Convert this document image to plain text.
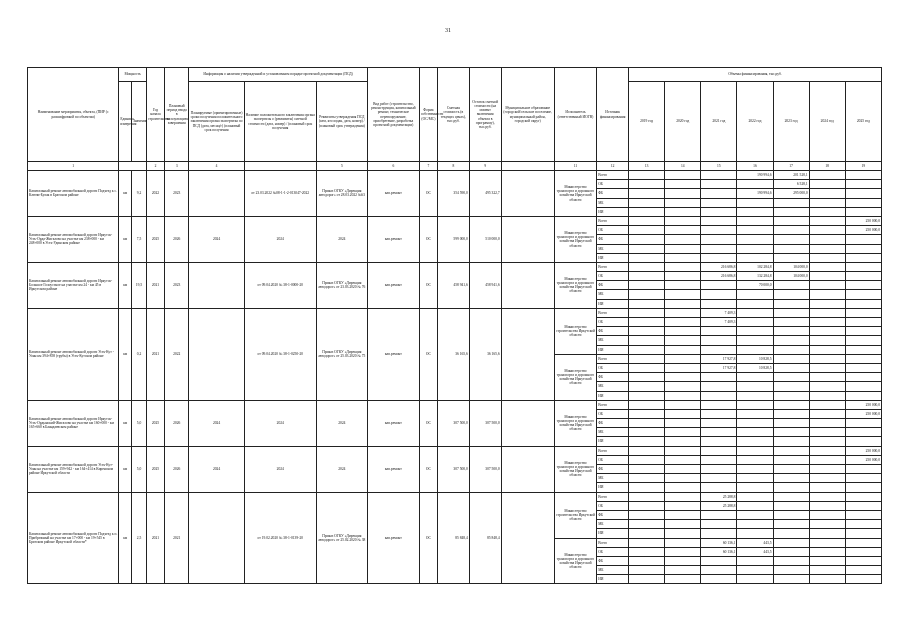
31
Наименование мероприятия, объекта, (ПИР (с расшифровкой по объектам)	Мощность		Год начала строительства	Плановый период ввода в эксплуатацию/ завершения	Информация о наличии утвержденной и установленном порядке проектной документации (ПСД)			Вид работ (строительство, реконструкция, капитальный ремонт, техническое перевооружение, приобретение, разработка проектной документации)	Форма собственности (ОС/МС)	Сметная стоимость (в текущих ценах), тыс.руб.	Остаток сметной стоимости (на момент включения объекта в программу), тыс.руб.	Муниципальное образование (городской/сельское поселение, муниципальный район, городской округ)	Исполнитель (ответственный ИОГВ)	Источник финансирования	Объемы финансирования, тыс.руб.						
	Единица измерения	Значение			Планируемые (ориентировочные) сроки получения положительного заключения органа экспертизы по ПСД (дата, месяц/г) (плановый срок получения	Наличие положительного заключения органа экспертизы о (реквизиты) сметной стоимости (дата, номер) / (плановый срок получения	Реквизиты утверждения ПСД (кем, кто издан, дата, номер) / (плановый срок утверждения)								2019 год	2020 год	2021 год	2022 год	2023 год	2024 год	2025 год
1			2	3	4		5	6	7	8	9		11	12	13	14	15	16	17	18	19
Капитальный ремонт автомобильной дороги Подъезд к с. Ключи-Булак в Братском районе	км	9,2	2022	2023		от 23.03.2022 №08-1-1-2-013047-2022	Приказ ОГКУ «Дирекция автодорог» от 28.03.2022 №63	кап.ремонт	ОС	354 590,0	495 322,7		Министерство транспорта и дорожного хозяйства Иркутской области	Всего				190 994,6	201 528,1		
														ОБ					6 528,1		
														ФБ				190 994,6	295 000,0		
														МБ							
														ИИ							
Капитальный ремонт автомобильной дороги Иркутск-Усть-Орда-Жигалово на участке км 238+000 - км 248+000 в Усть-Удинском районе	км	7,5	2025	2026	2024	2024	2024	кап.ремонт	ОС	599 000,0	510 000,0		Министерство транспорта и дорожного хозяйства Иркутской области	Всего							250 000,0
														ОБ							250 000,0
														ФБ							
														МБ							
														ИИ							
Капитальный ремонт автомобильной дороги Иркутск-Большое Голоустное на участке км 24 - км 45 в Иркутском районе	км	19,5	2021	2023		от 09.04.2020 № 38-1-0000-20	Приказ ОГКУ «Дирекция автодорог» от 23.03.2020 № 76	кап.ремонт	ОС	458 941,6	458 941,6		Министерство транспорта и дорожного хозяйства Иркутской области	Всего			216 686,8	102 284,8	104 000,0		
														ОБ			216 686,8	132 284,8	104 000,0		
														ФБ				70 000,0			
														МБ							
														ИИ							
Капитальный ремонт автомобильной дороги Усть-Кут - Уоян км 394+858 (трубы) в Усть-Кутском районе	км	0,2	2021	2022		от 09.04.2020 № 38-1-0250-20	Приказ ОГКУ «Дирекция автодорог» от 25.03.2020 № 75	кап.ремонт	ОС	36 165,6	36 165,6		Министерство строительства Иркутской области	Всего			7 409,3				
														ОБ			7 409,3				
														ФБ							
														МБ							
														ИИ							
													Министерство транспорта и дорожного хозяйства Иркутской области	Всего			17 927,8	10 828,5			
														ОБ			17 927,8	10 828,5			
														ФБ							
														МБ							
														ИИ							
Капитальный ремонт автомобильной дороги Иркутск-Усть-Ордынский-Жигалово на участке км 160+000 - км 165+660 в Баяндаевском районе	км	5,0	2025	2026	2024	2024	2024	кап.ремонт	ОС	307 500,0	307 500,0		Министерство транспорта и дорожного хозяйства Иркутской области	Всего							250 000,0
														ОБ							250 000,0
														ФБ							
														МБ							
														ИИ							
Капитальный ремонт автомобильной дороги Усть-Кут-Уоян на участке км 159+942 - км 164+414 в Киренском районе Иркутской области	км	5,0	2025	2026	2024	2024	2024	кап.ремонт	ОС	307 500,0	307 500,0		Министерство транспорта и дорожного хозяйства Иркутской области	Всего							250 000,0
														ОБ							250 000,0
														ФБ							
														МБ							
														ИИ							
Капитальный ремонт автомобильной дороги Подъезд к п. Прибрежный на участке км 17+000 - км 19+545 в Братском районе Иркутской области*	км	2,5	2021	2021		от 19.02.2020 № 38-1-0139-20	Приказ ОГКУ «Дирекция автодорог» от 25.02.2020 № 38	кап.ремонт	ОС	85 848,4	85 848,4		Министерство строительства Иркутской области	Всего			25 288,8				
														ОБ			25 288,8				
														ФБ							
														МБ							
														ИИ							
													Министерство транспорта и дорожного хозяйства Иркутской области	Всего			60 136,1	443,5			
														ОБ			60 136,1	443,5			
														ФБ							
														МБ							
														ИИ							
